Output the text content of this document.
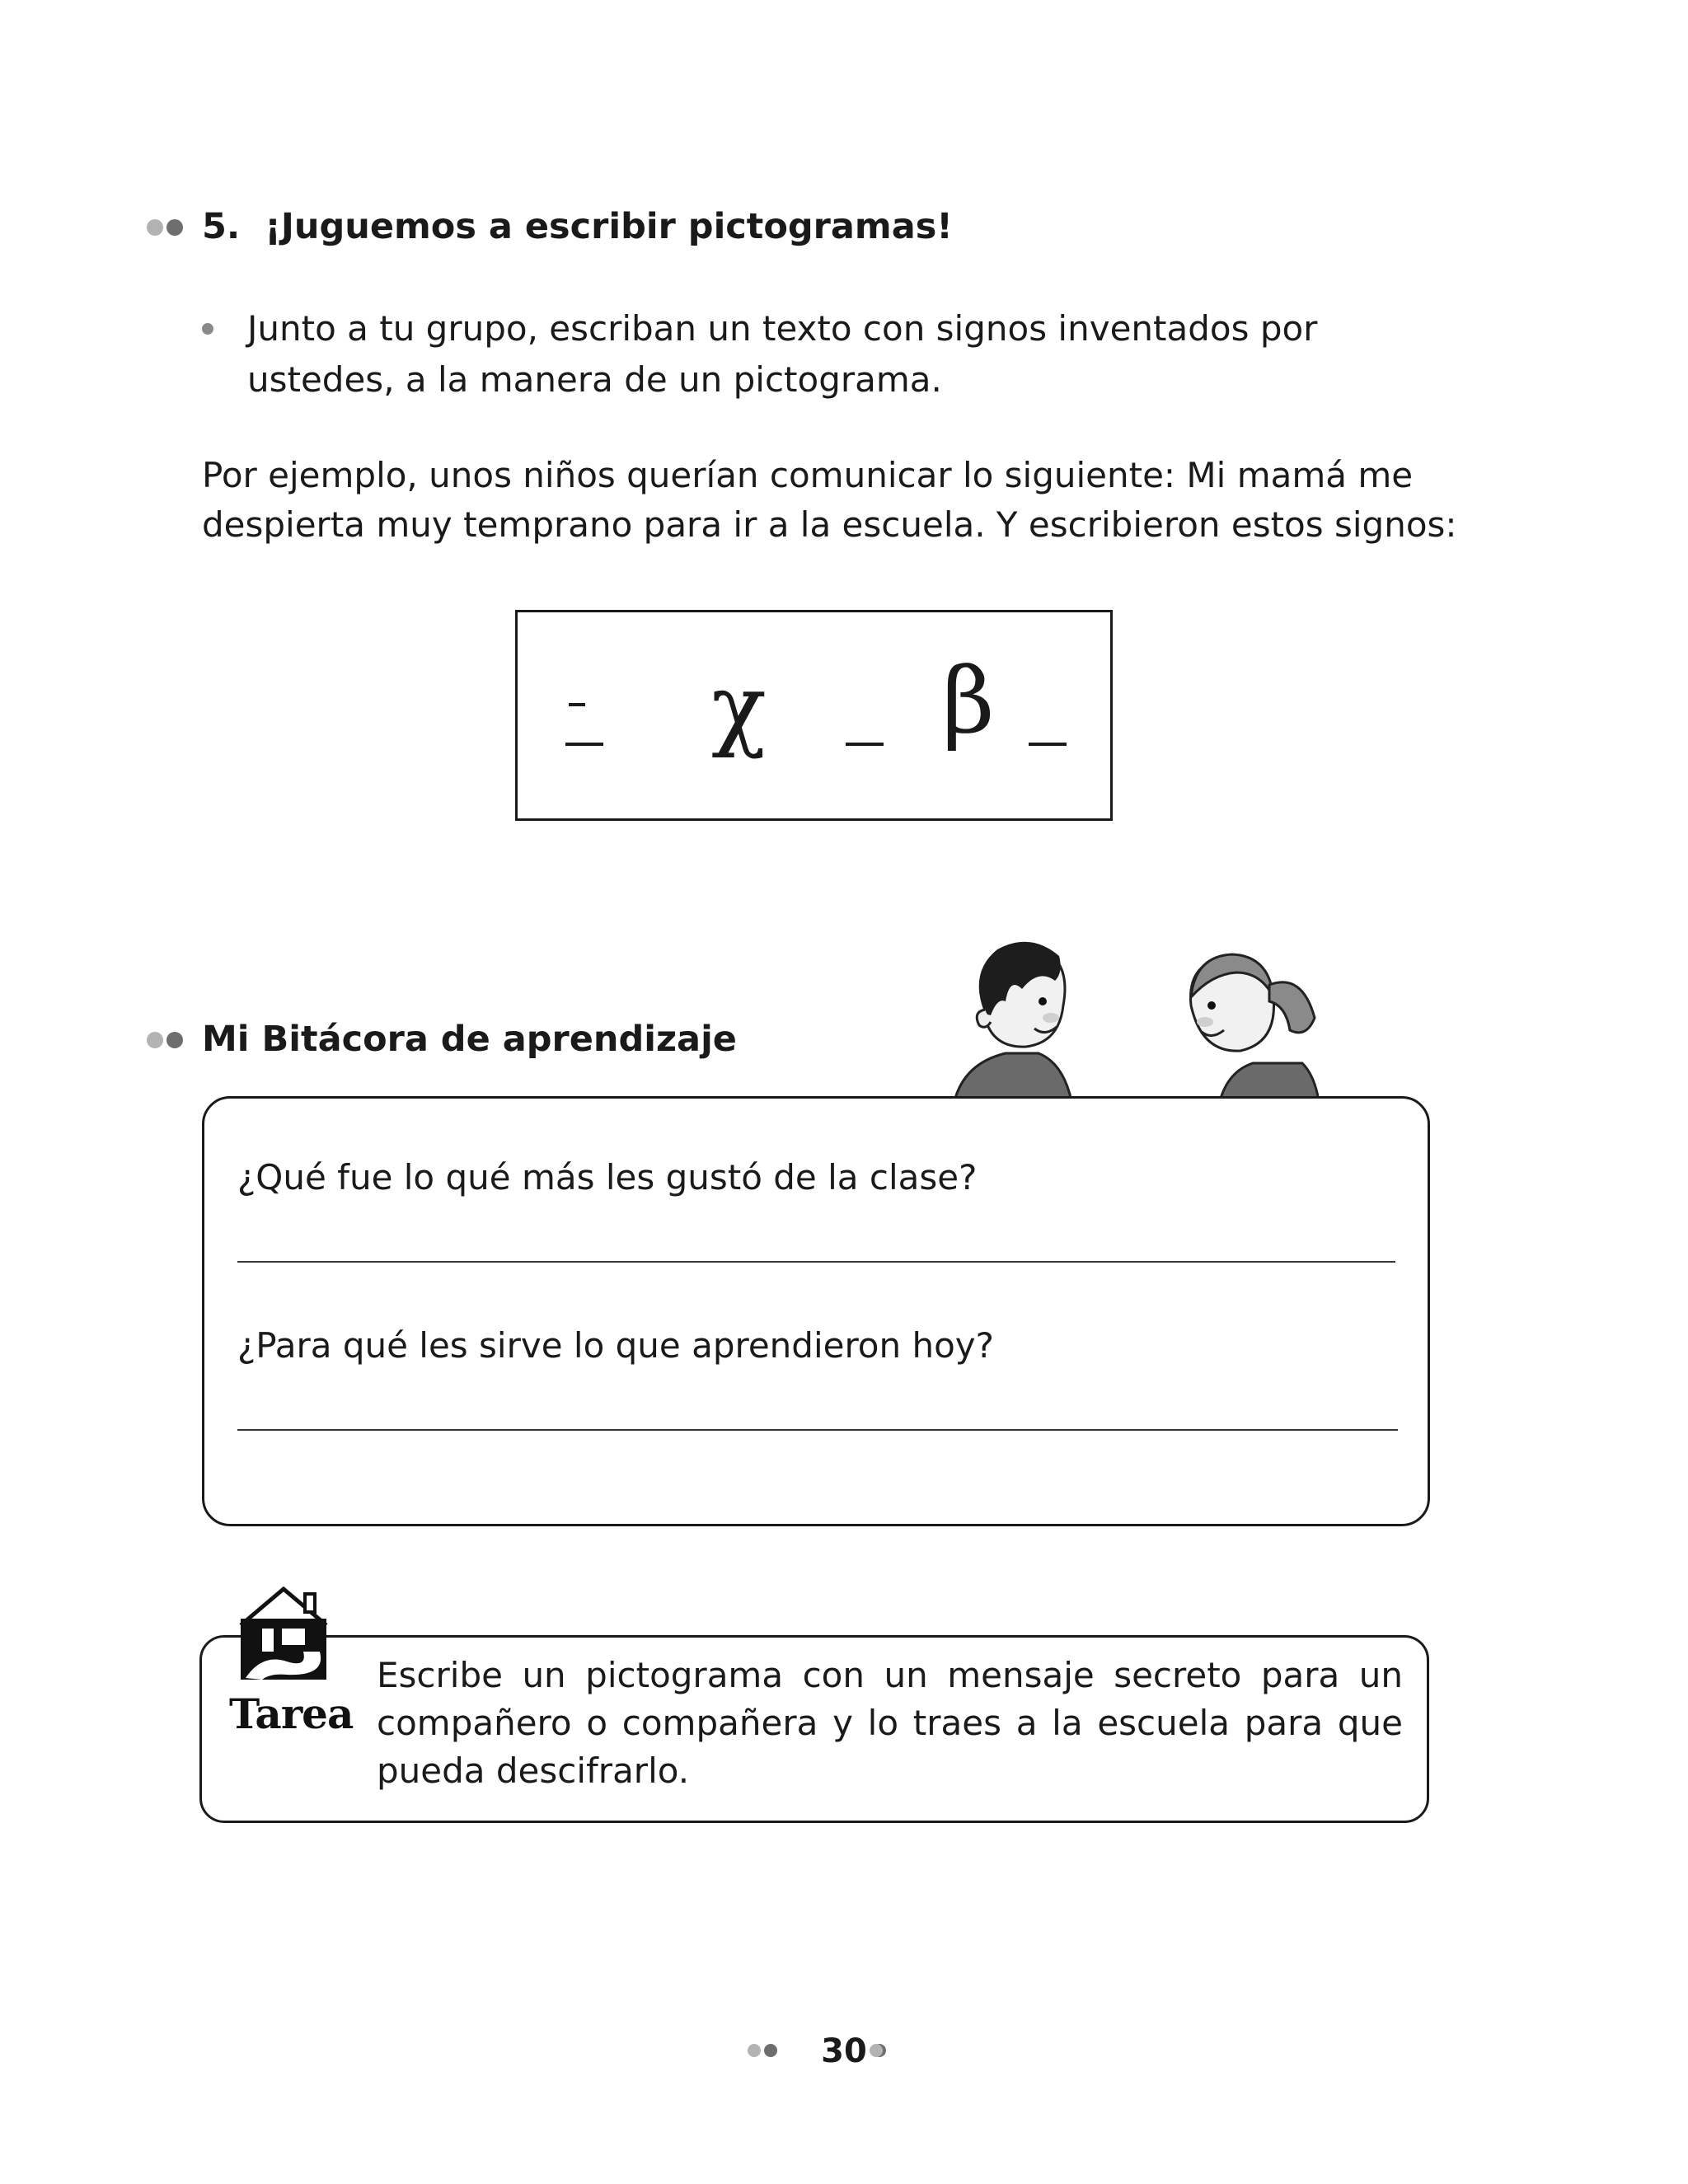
5. ¡Juguemos a escribir pictogramas!
Junto a tu grupo, escriban un texto con signos inventados por ustedes, a la manera de un pictograma.
Por ejemplo, unos niños querían comunicar lo siguiente: Mi mamá me
despierta muy temprano para ir a la escuela. Y escribieron estos signos:
χ β
Mi Bitácora de aprendizaje
¿Qué fue lo qué más les gustó de la clase?
¿Para qué les sirve lo que aprendieron hoy?
Tarea
Escribe un pictograma con un mensaje secreto para un compañero o compañera y lo traes a la escuela para que pueda descifrarlo.
30
